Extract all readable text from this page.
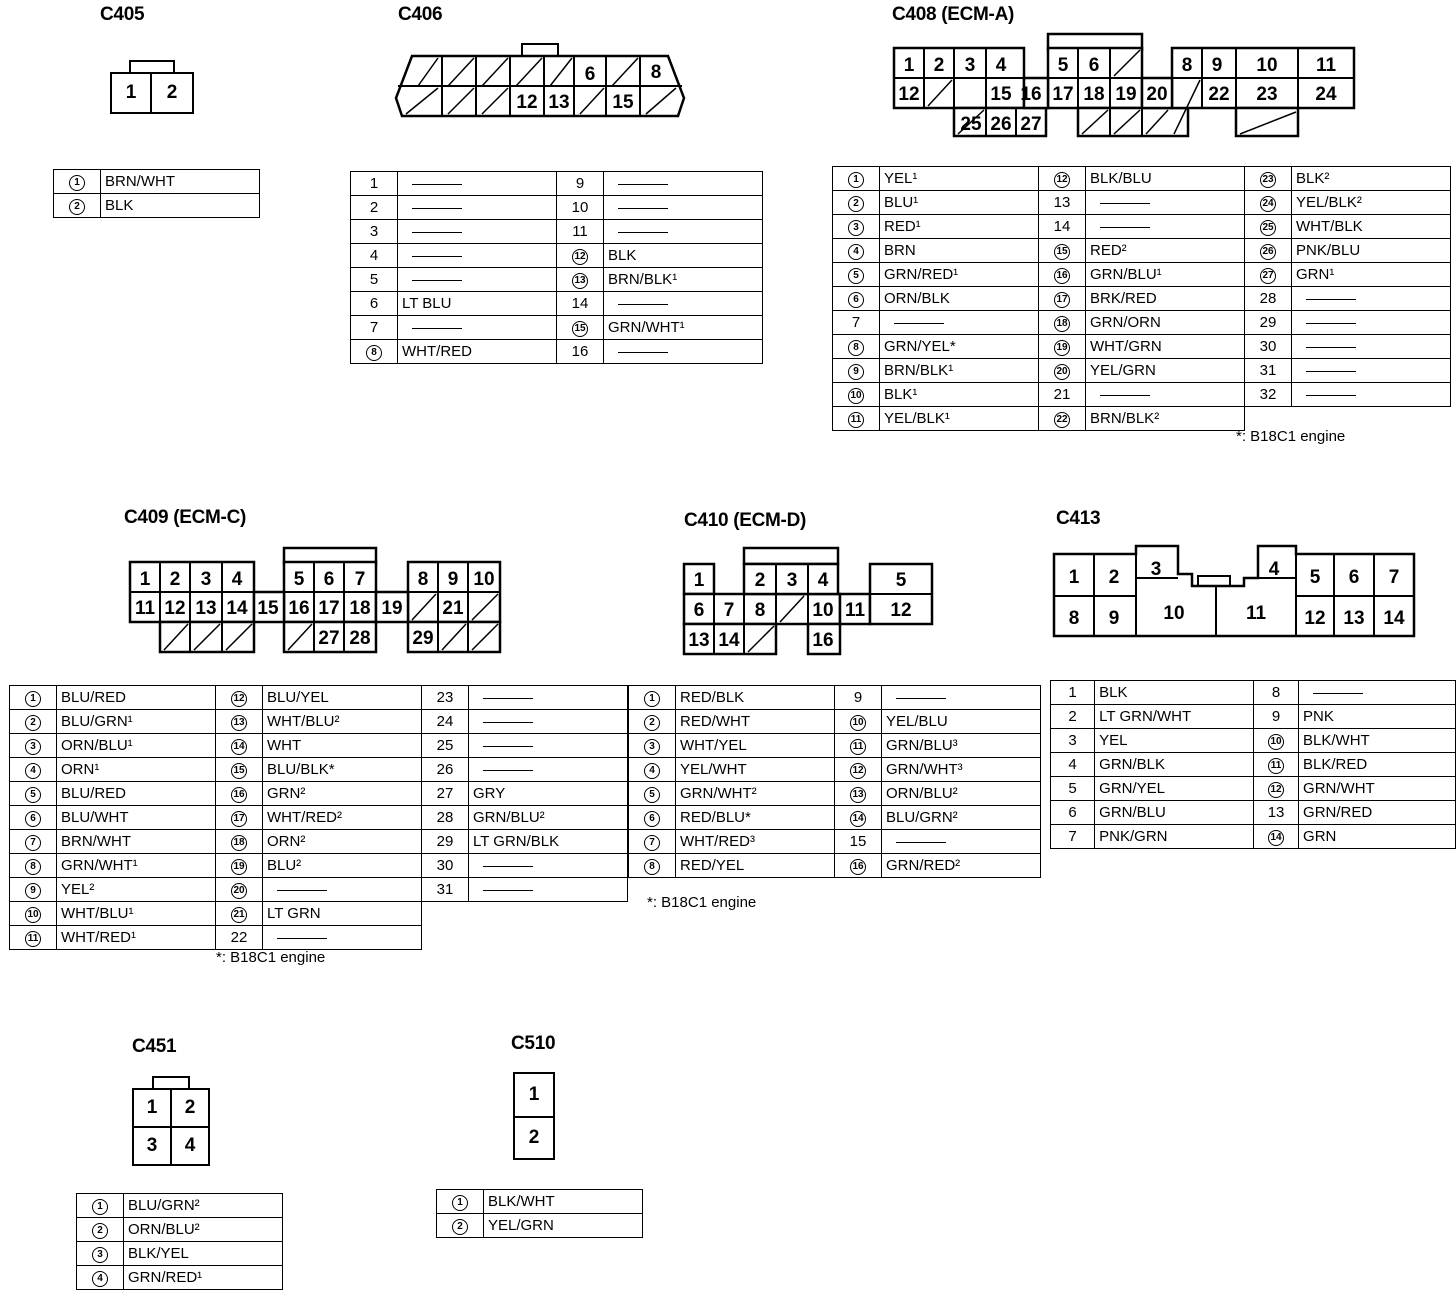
C405	C406	C408 (ECM-A)
C409 (ECM-C)	C410 (ECM-D)	C413
C451	C510
1	2
6	8
12 13 15
1 2 3 4	5 6	8 9 10 11
12	15 16 17 18 19 20 22 23 24
25 26 27
1 2 3 4	5 6 7	8 9 10
11 12 13 14 15 16 17 18 19 21
27 28 29
1	2 3 4	5
6 7 8 10 11 12
13 14	16
1 2 3	4 5 6 7
8 9 10	11 12 13 14
1	2
3	4
1
2
1	BRN/WHT
2	BLK
1		9	
2		10	
3		11	
4		12	BLK
5		13	BRN/BLK¹
6	LT BLU	14	
7		15	GRN/WHT¹
8	WHT/RED	16	
1	YEL¹	12	BLK/BLU	23	BLK²
2	BLU¹	13		24	YEL/BLK²
3	RED¹	14		25	WHT/BLK
4	BRN	15	RED²	26	PNK/BLU
5	GRN/RED¹	16	GRN/BLU¹	27	GRN¹
6	ORN/BLK	17	BRK/RED	28	
7		18	GRN/ORN	29	
8	GRN/YEL*	19	WHT/GRN	30	
9	BRN/BLK¹	20	YEL/GRN	31	
10	BLK¹	21		32	
11	YEL/BLK¹	22	BRN/BLK²		
1	BLU/RED	12	BLU/YEL	23	
2	BLU/GRN¹	13	WHT/BLU²	24	
3	ORN/BLU¹	14	WHT	25	
4	ORN¹	15	BLU/BLK*	26	
5	BLU/RED	16	GRN²	27	GRY
6	BLU/WHT	17	WHT/RED²	28	GRN/BLU²
7	BRN/WHT	18	ORN²	29	LT GRN/BLK
8	GRN/WHT¹	19	BLU²	30	
9	YEL²	20		31	
10	WHT/BLU¹	21	LT GRN		
11	WHT/RED¹	22			
1	RED/BLK	9	
2	RED/WHT	10	YEL/BLU
3	WHT/YEL	11	GRN/BLU³
4	YEL/WHT	12	GRN/WHT³
5	GRN/WHT²	13	ORN/BLU²
6	RED/BLU*	14	BLU/GRN²
7	WHT/RED³	15	
8	RED/YEL	16	GRN/RED²
1	BLK	8	
2	LT GRN/WHT	9	PNK
3	YEL	10	BLK/WHT
4	GRN/BLK	11	BLK/RED
5	GRN/YEL	12	GRN/WHT
6	GRN/BLU	13	GRN/RED
7	PNK/GRN	14	GRN
1	BLU/GRN²
2	ORN/BLU²
3	BLK/YEL
4	GRN/RED¹
1	BLK/WHT
2	YEL/GRN
*: B18C1 engine
*: B18C1 engine
*: B18C1 engine
